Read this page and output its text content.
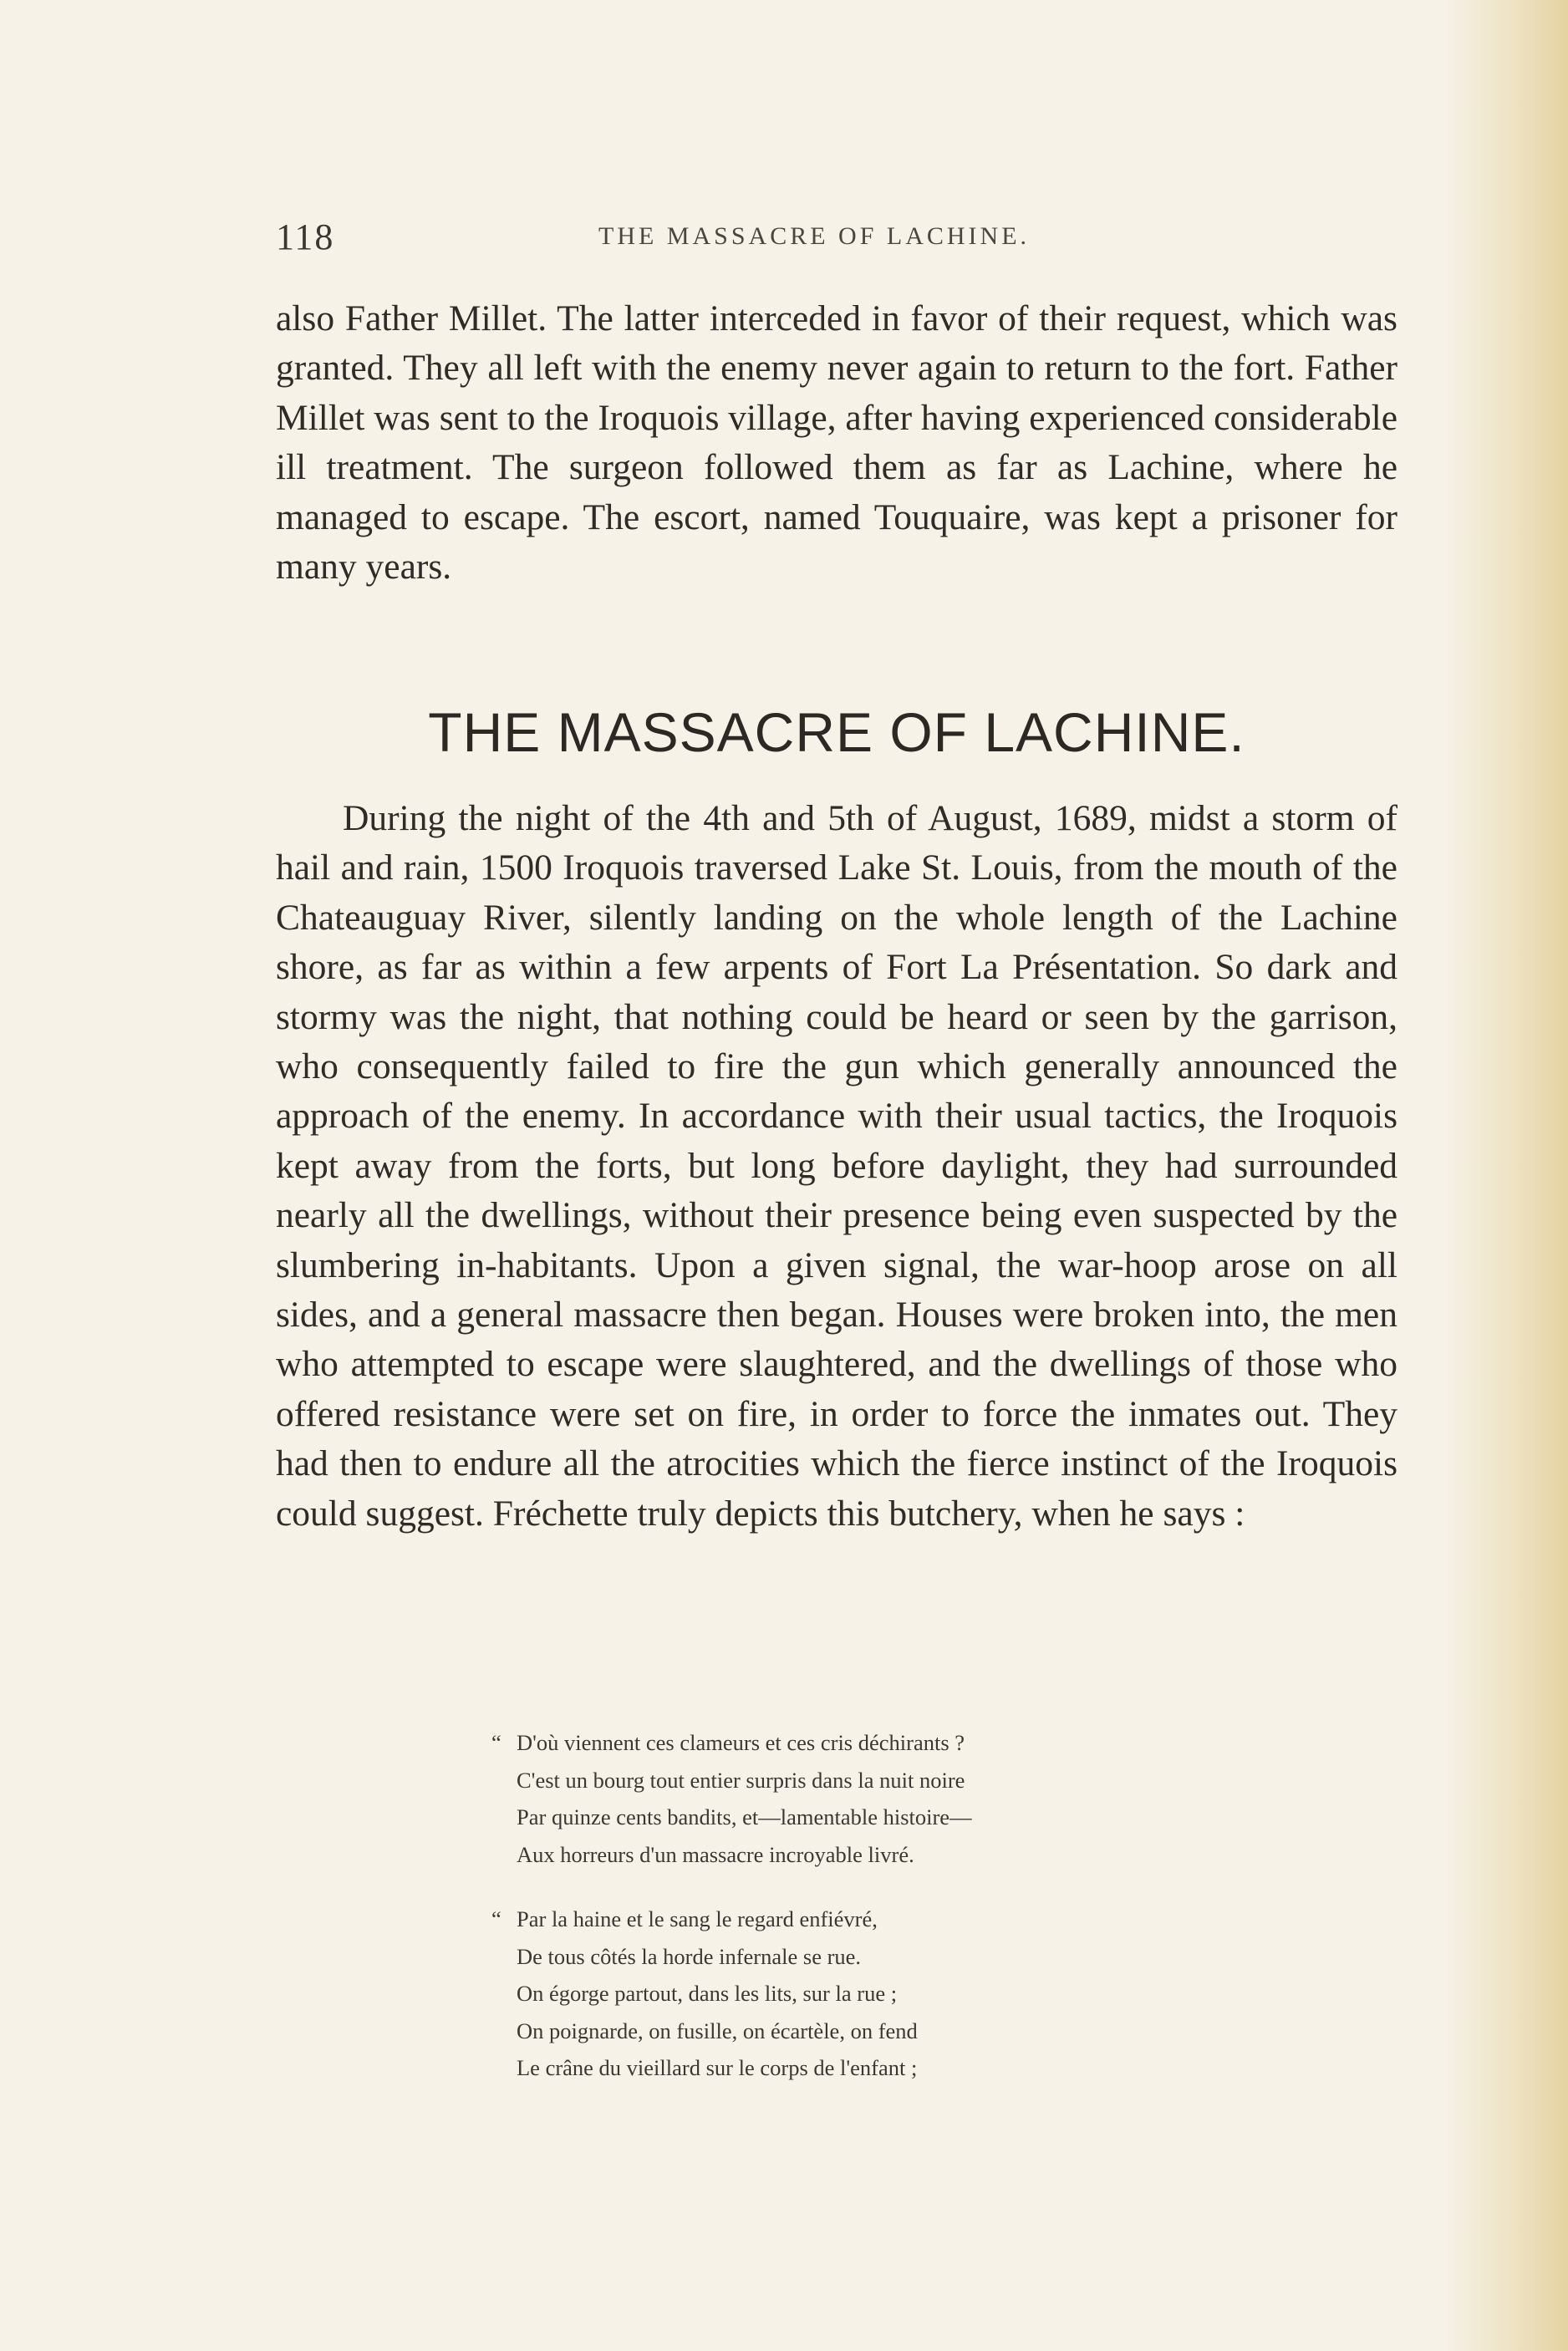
118	THE MASSACRE OF LACHINE.

also Father Millet. The latter interceded in favor of their request, which was granted. They all left with the enemy never again to return to the fort. Father Millet was sent to the Iroquois village, after having experienced considerable ill treatment. The surgeon followed them as far as Lachine, where he managed to escape. The escort, named Touquaire, was kept a prisoner for many years.

THE MASSACRE OF LACHINE.

During the night of the 4th and 5th of August, 1689, midst a storm of hail and rain, 1500 Iroquois traversed Lake St. Louis, from the mouth of the Chateauguay River, silently landing on the whole length of the Lachine shore, as far as within a few arpents of Fort La Présentation. So dark and stormy was the night, that nothing could be heard or seen by the garrison, who consequently failed to fire the gun which generally announced the approach of the enemy. In accordance with their usual tactics, the Iroquois kept away from the forts, but long before daylight, they had surrounded nearly all the dwellings, without their presence being even suspected by the slumbering in-habitants. Upon a given signal, the war-hoop arose on all sides, and a general massacre then began. Houses were broken into, the men who attempted to escape were slaughtered, and the dwellings of those who offered resistance were set on fire, in order to force the inmates out. They had then to endure all the atrocities which the fierce instinct of the Iroquois could suggest. Fréchette truly depicts this butchery, when he says :

“ D'où viennent ces clameurs et ces cris déchirants ?
C'est un bourg tout entier surpris dans la nuit noire
Par quinze cents bandits, et—lamentable histoire—
Aux horreurs d'un massacre incroyable livré.
“ Par la haine et le sang le regard enfiévré,
De tous côtés la horde infernale se rue.
On égorge partout, dans les lits, sur la rue ;
On poignarde, on fusille, on écartèle, on fend
Le crâne du vieillard sur le corps de l'enfant ;
